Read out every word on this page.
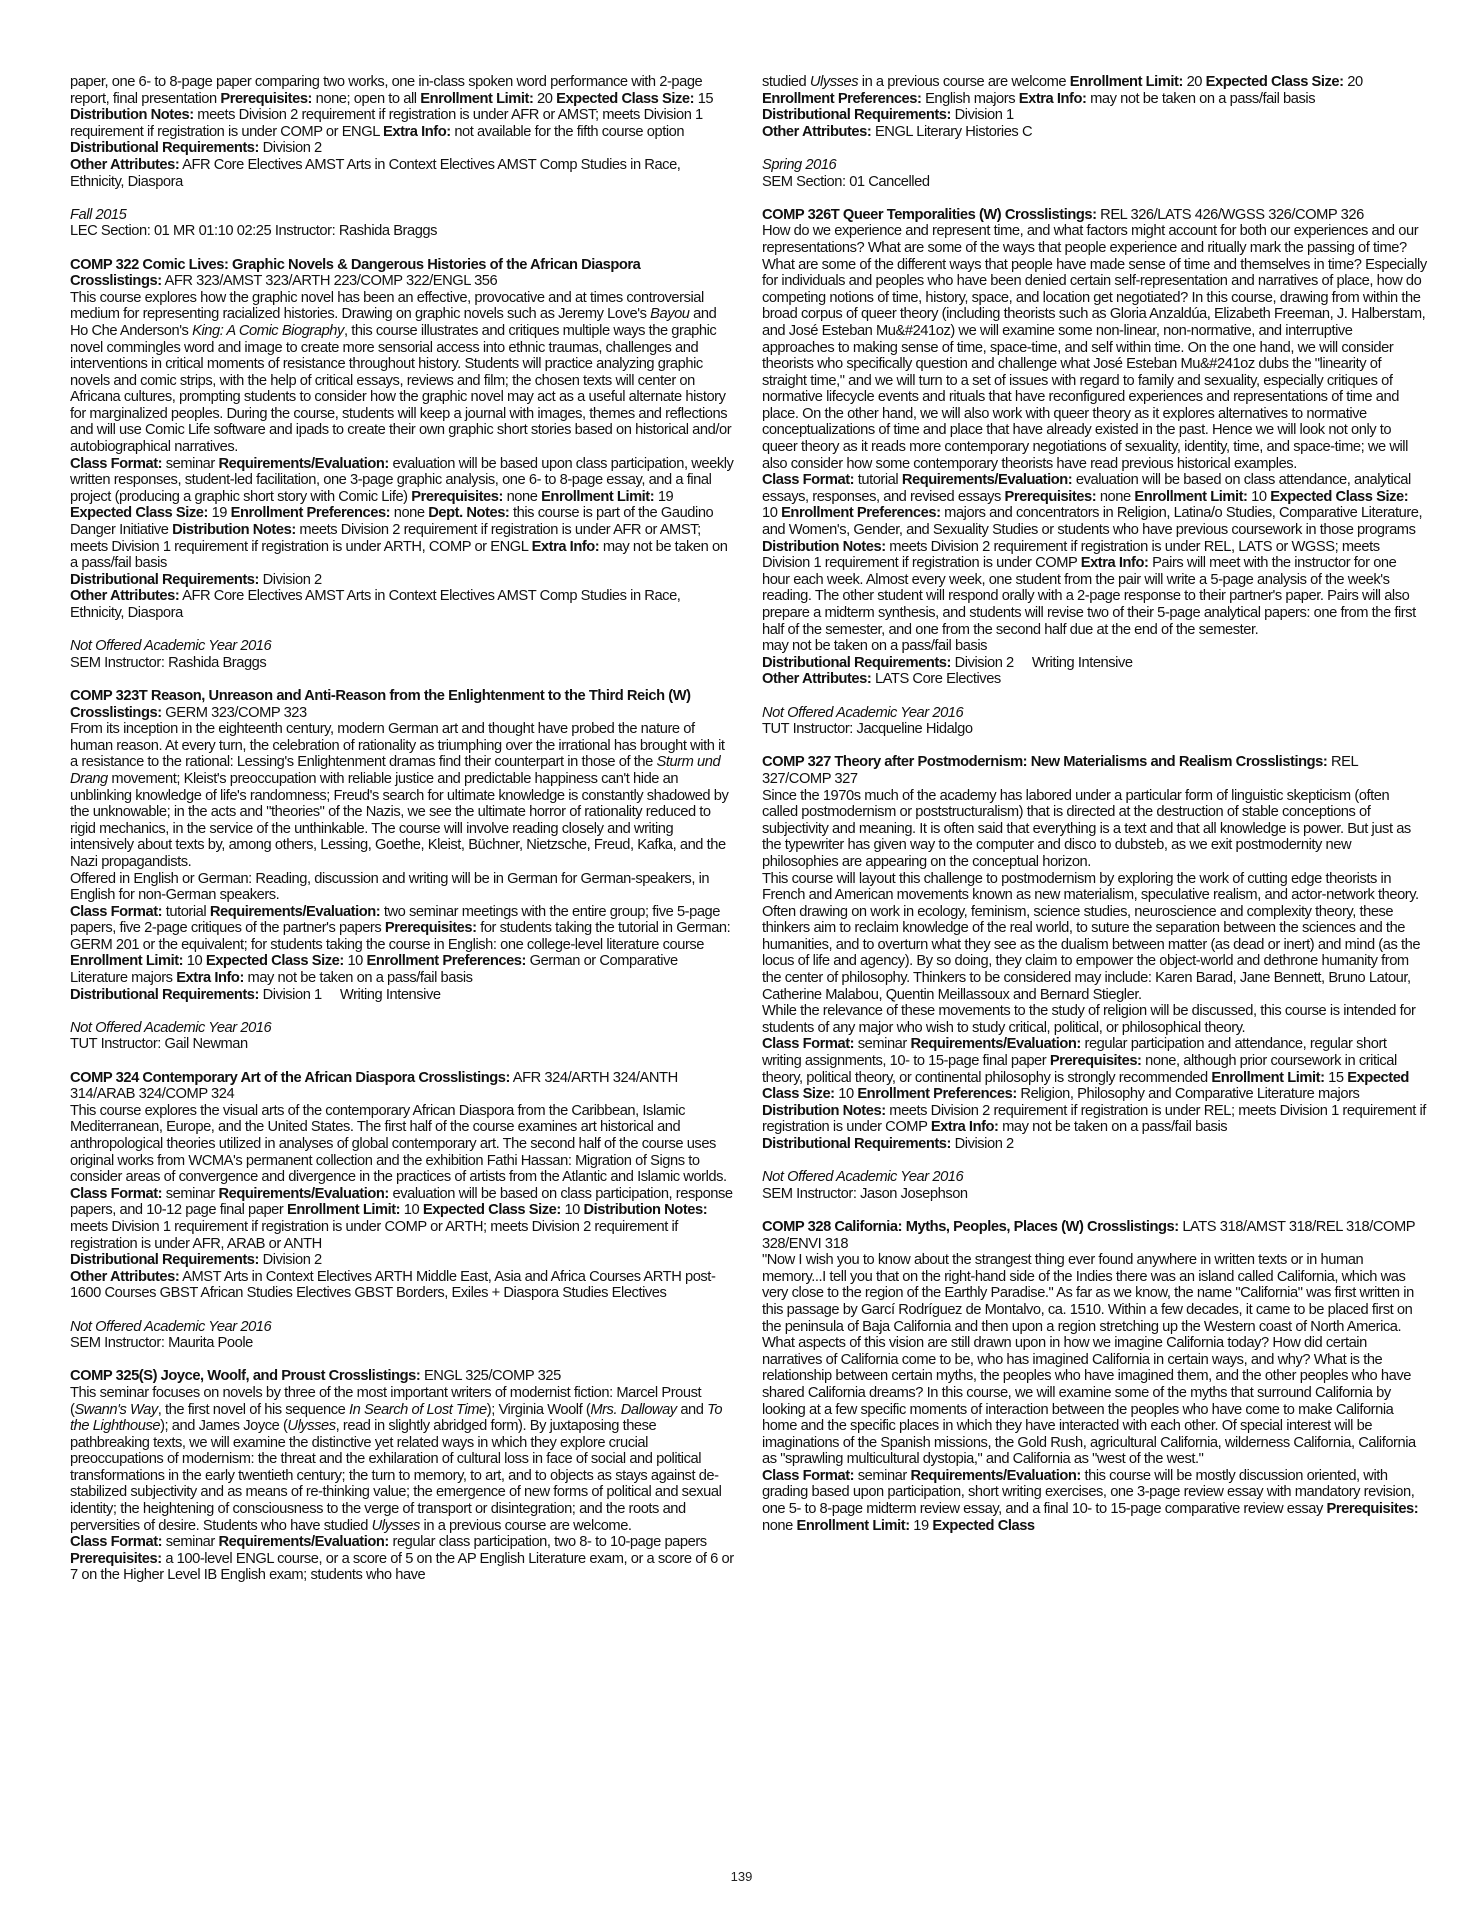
paper, one 6- to 8-page paper comparing two works, one in-class spoken word performance with 2-page report, final presentation Prerequisites: none; open to all Enrollment Limit: 20 Expected Class Size: 15 Distribution Notes: meets Division 2 requirement if registration is under AFR or AMST; meets Division 1 requirement if registration is under COMP or ENGL Extra Info: not available for the fifth course option

Distributional Requirements: Division 2

Other Attributes: AFR Core Electives AMST Arts in Context Electives AMST Comp Studies in Race, Ethnicity, Diaspora

Fall 2015

LEC Section: 01 MR 01:10 02:25 Instructor: Rashida Braggs

COMP 322 Comic Lives: Graphic Novels & Dangerous Histories of the African Diaspora Crosslistings: AFR 323/AMST 323/ARTH 223/COMP 322/ENGL 356

This course explores how the graphic novel has been an effective, provocative and at times controversial medium for representing racialized histories. Drawing on graphic novels such as Jeremy Love's Bayou and Ho Che Anderson's King: A Comic Biography, this course illustrates and critiques multiple ways the graphic novel commingles word and image to create more sensorial access into ethnic traumas, challenges and interventions in critical moments of resistance throughout history. Students will practice analyzing graphic novels and comic strips, with the help of critical essays, reviews and film; the chosen texts will center on Africana cultures, prompting students to consider how the graphic novel may act as a useful alternate history for marginalized peoples. During the course, students will keep a journal with images, themes and reflections and will use Comic Life software and ipads to create their own graphic short stories based on historical and/or autobiographical narratives.

Class Format: seminar Requirements/Evaluation: evaluation will be based upon class participation, weekly written responses, student-led facilitation, one 3-page graphic analysis, one 6- to 8-page essay, and a final project (producing a graphic short story with Comic Life) Prerequisites: none Enrollment Limit: 19 Expected Class Size: 19 Enrollment Preferences: none Dept. Notes: this course is part of the Gaudino Danger Initiative Distribution Notes: meets Division 2 requirement if registration is under AFR or AMST; meets Division 1 requirement if registration is under ARTH, COMP or ENGL Extra Info: may not be taken on a pass/fail basis

Distributional Requirements: Division 2

Other Attributes: AFR Core Electives AMST Arts in Context Electives AMST Comp Studies in Race, Ethnicity, Diaspora

Not Offered Academic Year 2016

SEM Instructor: Rashida Braggs

COMP 323T Reason, Unreason and Anti-Reason from the Enlightenment to the Third Reich (W) Crosslistings: GERM 323/COMP 323

From its inception in the eighteenth century, modern German art and thought have probed the nature of human reason. At every turn, the celebration of rationality as triumphing over the irrational has brought with it a resistance to the rational: Lessing's Enlightenment dramas find their counterpart in those of the Sturm und Drang movement; Kleist's preoccupation with reliable justice and predictable happiness can't hide an unblinking knowledge of life's randomness; Freud's search for ultimate knowledge is constantly shadowed by the unknowable; in the acts and "theories" of the Nazis, we see the ultimate horror of rationality reduced to rigid mechanics, in the service of the unthinkable. The course will involve reading closely and writing intensively about texts by, among others, Lessing, Goethe, Kleist, Büchner, Nietzsche, Freud, Kafka, and the Nazi propagandists.

Offered in English or German: Reading, discussion and writing will be in German for German-speakers, in English for non-German speakers.

Class Format: tutorial Requirements/Evaluation: two seminar meetings with the entire group; five 5-page papers, five 2-page critiques of the partner's papers Prerequisites: for students taking the tutorial in German: GERM 201 or the equivalent; for students taking the course in English: one college-level literature course Enrollment Limit: 10 Expected Class Size: 10 Enrollment Preferences: German or Comparative Literature majors Extra Info: may not be taken on a pass/fail basis

Distributional Requirements: Division 1     Writing Intensive

Not Offered Academic Year 2016

TUT Instructor: Gail Newman

COMP 324 Contemporary Art of the African Diaspora Crosslistings: AFR 324/ARTH 324/ANTH 314/ARAB 324/COMP 324

This course explores the visual arts of the contemporary African Diaspora from the Caribbean, Islamic Mediterranean, Europe, and the United States. The first half of the course examines art historical and anthropological theories utilized in analyses of global contemporary art. The second half of the course uses original works from WCMA's permanent collection and the exhibition Fathi Hassan: Migration of Signs to consider areas of convergence and divergence in the practices of artists from the Atlantic and Islamic worlds.

Class Format: seminar Requirements/Evaluation: evaluation will be based on class participation, response papers, and 10-12 page final paper Enrollment Limit: 10 Expected Class Size: 10 Distribution Notes: meets Division 1 requirement if registration is under COMP or ARTH; meets Division 2 requirement if registration is under AFR, ARAB or ANTH

Distributional Requirements: Division 2

Other Attributes: AMST Arts in Context Electives ARTH Middle East, Asia and Africa Courses ARTH post-1600 Courses GBST African Studies Electives GBST Borders, Exiles + Diaspora Studies Electives

Not Offered Academic Year 2016

SEM Instructor: Maurita Poole

COMP 325(S) Joyce, Woolf, and Proust Crosslistings: ENGL 325/COMP 325

This seminar focuses on novels by three of the most important writers of modernist fiction: Marcel Proust (Swann's Way, the first novel of his sequence In Search of Lost Time); Virginia Woolf (Mrs. Dalloway and To the Lighthouse); and James Joyce (Ulysses, read in slightly abridged form). By juxtaposing these pathbreaking texts, we will examine the distinctive yet related ways in which they explore crucial preoccupations of modernism: the threat and the exhilaration of cultural loss in face of social and political transformations in the early twentieth century; the turn to memory, to art, and to objects as stays against de-stabilized subjectivity and as means of re-thinking value; the emergence of new forms of political and sexual identity; the heightening of consciousness to the verge of transport or disintegration; and the roots and perversities of desire. Students who have studied Ulysses in a previous course are welcome.

Class Format: seminar Requirements/Evaluation: regular class participation, two 8- to 10-page papers Prerequisites: a 100-level ENGL course, or a score of 5 on the AP English Literature exam, or a score of 6 or 7 on the Higher Level IB English exam; students who have

studied Ulysses in a previous course are welcome Enrollment Limit: 20 Expected Class Size: 20 Enrollment Preferences: English majors Extra Info: may not be taken on a pass/fail basis

Distributional Requirements: Division 1

Other Attributes: ENGL Literary Histories C

Spring 2016

SEM Section: 01 Cancelled

COMP 326T Queer Temporalities (W) Crosslistings: REL 326/LATS 426/WGSS 326/COMP 326

How do we experience and represent time, and what factors might account for both our experiences and our representations? What are some of the ways that people experience and ritually mark the passing of time? What are some of the different ways that people have made sense of time and themselves in time? Especially for individuals and peoples who have been denied certain self-representation and narratives of place, how do competing notions of time, history, space, and location get negotiated? In this course, drawing from within the broad corpus of queer theory (including theorists such as Gloria Anzaldúa, Elizabeth Freeman, J. Halberstam, and José Esteban Mu&#241oz) we will examine some non-linear, non-normative, and interruptive approaches to making sense of time, space-time, and self within time. On the one hand, we will consider theorists who specifically question and challenge what José Esteban Mu&#241oz dubs the "linearity of straight time," and we will turn to a set of issues with regard to family and sexuality, especially critiques of normative lifecycle events and rituals that have reconfigured experiences and representations of time and place. On the other hand, we will also work with queer theory as it explores alternatives to normative conceptualizations of time and place that have already existed in the past. Hence we will look not only to queer theory as it reads more contemporary negotiations of sexuality, identity, time, and space-time; we will also consider how some contemporary theorists have read previous historical examples.

Class Format: tutorial Requirements/Evaluation: evaluation will be based on class attendance, analytical essays, responses, and revised essays Prerequisites: none Enrollment Limit: 10 Expected Class Size: 10 Enrollment Preferences: majors and concentrators in Religion, Latina/o Studies, Comparative Literature, and Women's, Gender, and Sexuality Studies or students who have previous coursework in those programs Distribution Notes: meets Division 2 requirement if registration is under REL, LATS or WGSS; meets Division 1 requirement if registration is under COMP Extra Info: Pairs will meet with the instructor for one hour each week. Almost every week, one student from the pair will write a 5-page analysis of the week's reading. The other student will respond orally with a 2-page response to their partner's paper. Pairs will also prepare a midterm synthesis, and students will revise two of their 5-page analytical papers: one from the first half of the semester, and one from the second half due at the end of the semester.

may not be taken on a pass/fail basis

Distributional Requirements: Division 2     Writing Intensive

Other Attributes: LATS Core Electives

Not Offered Academic Year 2016

TUT Instructor: Jacqueline Hidalgo

COMP 327 Theory after Postmodernism: New Materialisms and Realism Crosslistings: REL 327/COMP 327

Since the 1970s much of the academy has labored under a particular form of linguistic skepticism (often called postmodernism or poststructuralism) that is directed at the destruction of stable conceptions of subjectivity and meaning. It is often said that everything is a text and that all knowledge is power. But just as the typewriter has given way to the computer and disco to dubsteb, as we exit postmodernity new philosophies are appearing on the conceptual horizon.

This course will layout this challenge to postmodernism by exploring the work of cutting edge theorists in French and American movements known as new materialism, speculative realism, and actor-network theory. Often drawing on work in ecology, feminism, science studies, neuroscience and complexity theory, these thinkers aim to reclaim knowledge of the real world, to suture the separation between the sciences and the humanities, and to overturn what they see as the dualism between matter (as dead or inert) and mind (as the locus of life and agency). By so doing, they claim to empower the object-world and dethrone humanity from the center of philosophy. Thinkers to be considered may include: Karen Barad, Jane Bennett, Bruno Latour, Catherine Malabou, Quentin Meillassoux and Bernard Stiegler.

While the relevance of these movements to the study of religion will be discussed, this course is intended for students of any major who wish to study critical, political, or philosophical theory.

Class Format: seminar Requirements/Evaluation: regular participation and attendance, regular short writing assignments, 10- to 15-page final paper Prerequisites: none, although prior coursework in critical theory, political theory, or continental philosophy is strongly recommended Enrollment Limit: 15 Expected Class Size: 10 Enrollment Preferences: Religion, Philosophy and Comparative Literature majors Distribution Notes: meets Division 2 requirement if registration is under REL; meets Division 1 requirement if registration is under COMP Extra Info: may not be taken on a pass/fail basis

Distributional Requirements: Division 2

Not Offered Academic Year 2016

SEM Instructor: Jason Josephson

COMP 328 California: Myths, Peoples, Places (W) Crosslistings: LATS 318/AMST 318/REL 318/COMP 328/ENVI 318

"Now I wish you to know about the strangest thing ever found anywhere in written texts or in human memory...I tell you that on the right-hand side of the Indies there was an island called California, which was very close to the region of the Earthly Paradise." As far as we know, the name "California" was first written in this passage by Garcí Rodríguez de Montalvo, ca. 1510. Within a few decades, it came to be placed first on the peninsula of Baja California and then upon a region stretching up the Western coast of North America. What aspects of this vision are still drawn upon in how we imagine California today? How did certain narratives of California come to be, who has imagined California in certain ways, and why? What is the relationship between certain myths, the peoples who have imagined them, and the other peoples who have shared California dreams? In this course, we will examine some of the myths that surround California by looking at a few specific moments of interaction between the peoples who have come to make California home and the specific places in which they have interacted with each other. Of special interest will be imaginations of the Spanish missions, the Gold Rush, agricultural California, wilderness California, California as "sprawling multicultural dystopia," and California as "west of the west."

Class Format: seminar Requirements/Evaluation: this course will be mostly discussion oriented, with grading based upon participation, short writing exercises, one 3-page review essay with mandatory revision, one 5- to 8-page midterm review essay, and a final 10- to 15-page comparative review essay Prerequisites: none Enrollment Limit: 19 Expected Class

139
